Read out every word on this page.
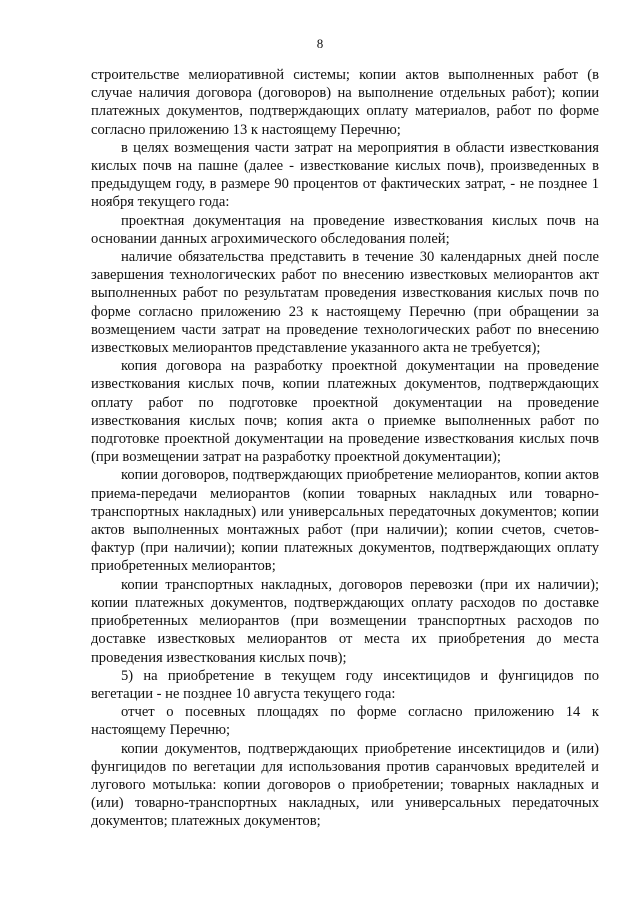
8

строительстве мелиоративной системы; копии актов выполненных работ (в случае наличия договора (договоров) на выполнение отдельных работ); копии платежных документов, подтверждающих оплату материалов, работ по форме согласно приложению 13 к настоящему Перечню;

в целях возмещения части затрат на мероприятия в области известкования кислых почв на пашне (далее - известкование кислых почв), произведенных в предыдущем году, в размере 90 процентов от фактических затрат, - не позднее 1 ноября текущего года:

проектная документация на проведение известкования кислых почв на основании данных агрохимического обследования полей;

наличие обязательства представить в течение 30 календарных дней после завершения технологических работ по внесению известковых мелиорантов акт выполненных работ по результатам проведения известкования кислых почв по форме согласно приложению 23 к настоящему Перечню (при обращении за возмещением части затрат на проведение технологических работ по внесению известковых мелиорантов представление указанного акта не требуется);

копия договора на разработку проектной документации на проведение известкования кислых почв, копии платежных документов, подтверждающих оплату работ по подготовке проектной документации на проведение известкования кислых почв; копия акта о приемке выполненных работ по подготовке проектной документации на проведение известкования кислых почв (при возмещении затрат на разработку проектной документации);

копии договоров, подтверждающих приобретение мелиорантов, копии актов приема-передачи мелиорантов (копии товарных накладных или товарно-транспортных накладных) или универсальных передаточных документов; копии актов выполненных монтажных работ (при наличии); копии счетов, счетов-фактур (при наличии); копии платежных документов, подтверждающих оплату приобретенных мелиорантов;

копии транспортных накладных, договоров перевозки (при их наличии); копии платежных документов, подтверждающих оплату расходов по доставке приобретенных мелиорантов (при возмещении транспортных расходов по доставке известковых мелиорантов от места их приобретения до места проведения известкования кислых почв);

5) на приобретение в текущем году инсектицидов и фунгицидов по вегетации - не позднее 10 августа текущего года:

отчет о посевных площадях по форме согласно приложению 14 к настоящему Перечню;

копии документов, подтверждающих приобретение инсектицидов и (или) фунгицидов по вегетации для использования против саранчовых вредителей и лугового мотылька: копии договоров о приобретении; товарных накладных и (или) товарно-транспортных накладных, или универсальных передаточных документов; платежных документов;
